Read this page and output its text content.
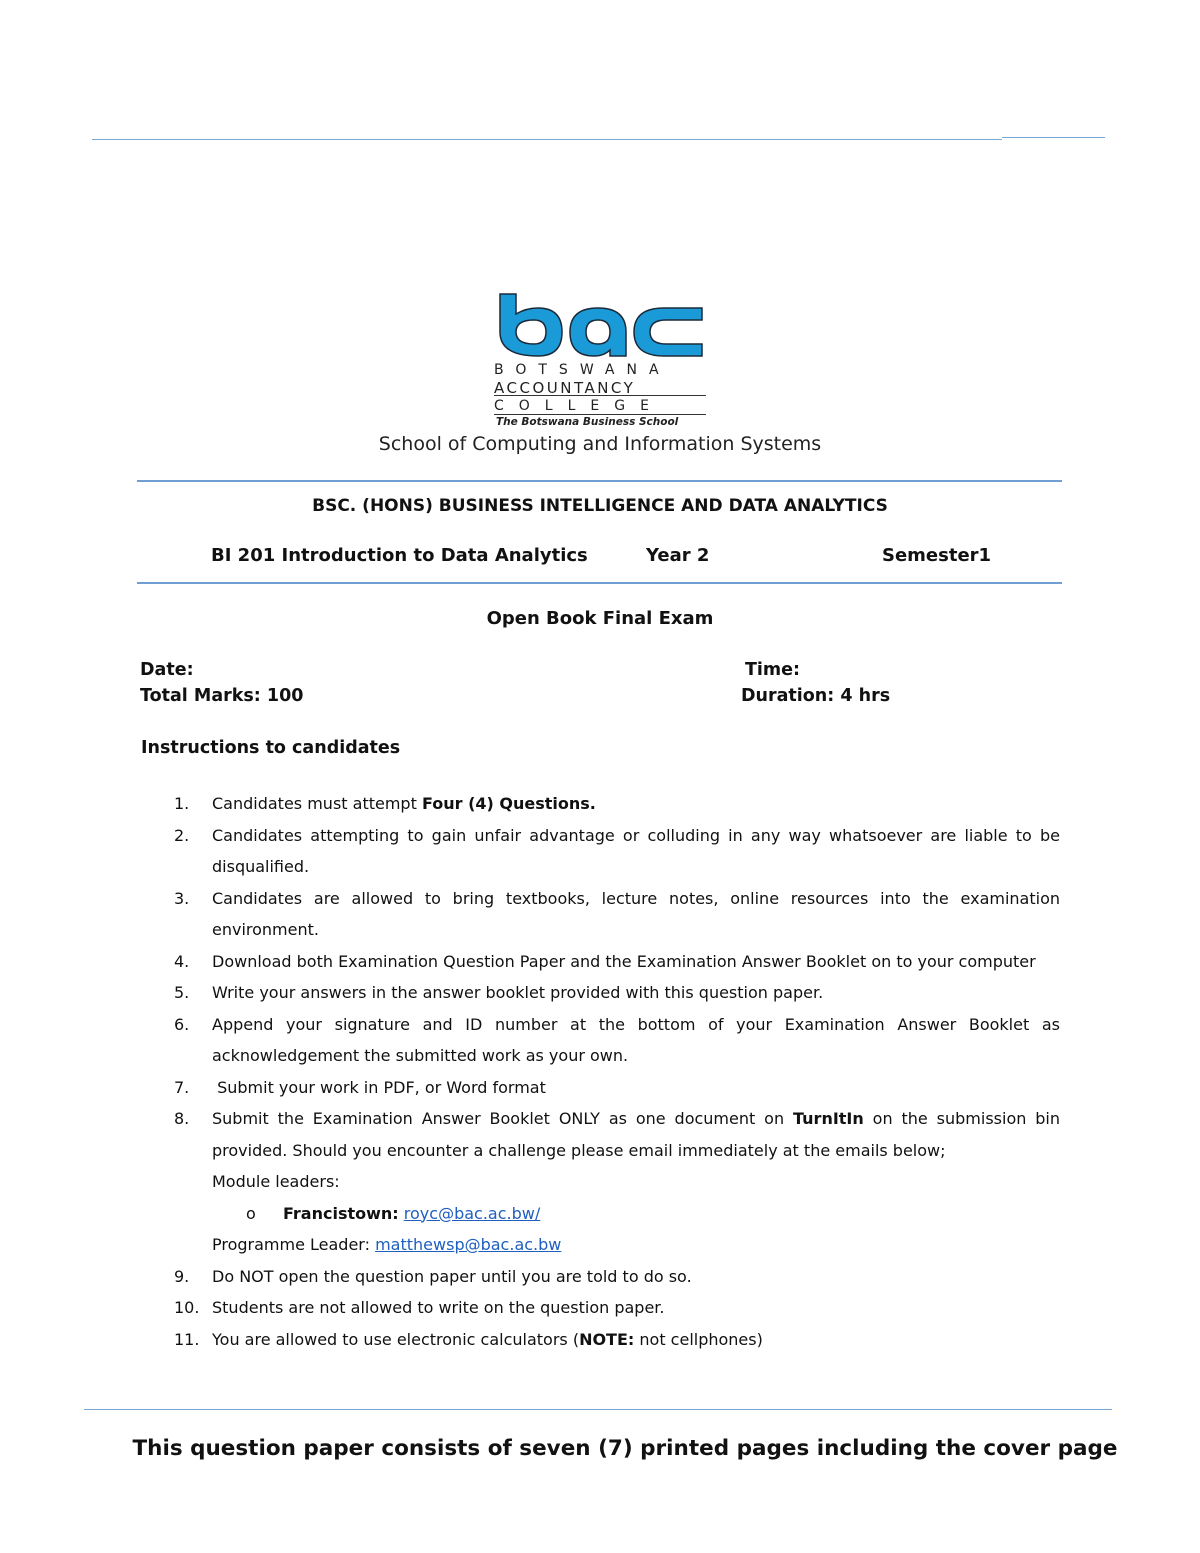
BOTSWANA
ACCOUNTANCY
COLLEGE
The Botswana Business School
School of Computing and Information Systems
BSC. (HONS) BUSINESS INTELLIGENCE AND DATA ANALYTICS
BI 201 Introduction to Data Analytics	Year 2	Semester1
Open Book Final Exam
Date:	Time:
Total Marks: 100	Duration: 4 hrs
Instructions to candidates
1. Candidates must attempt Four (4) Questions.
2. Candidates attempting to gain unfair advantage or colluding in any way whatsoever are liable to be disqualified.
3. Candidates are allowed to bring textbooks, lecture notes, online resources into the examination environment.
4. Download both Examination Question Paper and the Examination Answer Booklet on to your computer
5. Write your answers in the answer booklet provided with this question paper.
6. Append your signature and ID number at the bottom of your Examination Answer Booklet as acknowledgement the submitted work as your own.
7. Submit your work in PDF, or Word format
8. Submit the Examination Answer Booklet ONLY as one document on TurnItIn on the submission bin provided. Should you encounter a challenge please email immediately at the emails below;
Module leaders:
o Francistown: royc@bac.ac.bw/
Programme Leader: matthewsp@bac.ac.bw
9. Do NOT open the question paper until you are told to do so.
10. Students are not allowed to write on the question paper.
11. You are allowed to use electronic calculators (NOTE: not cellphones)
This question paper consists of seven (7) printed pages including the cover page
